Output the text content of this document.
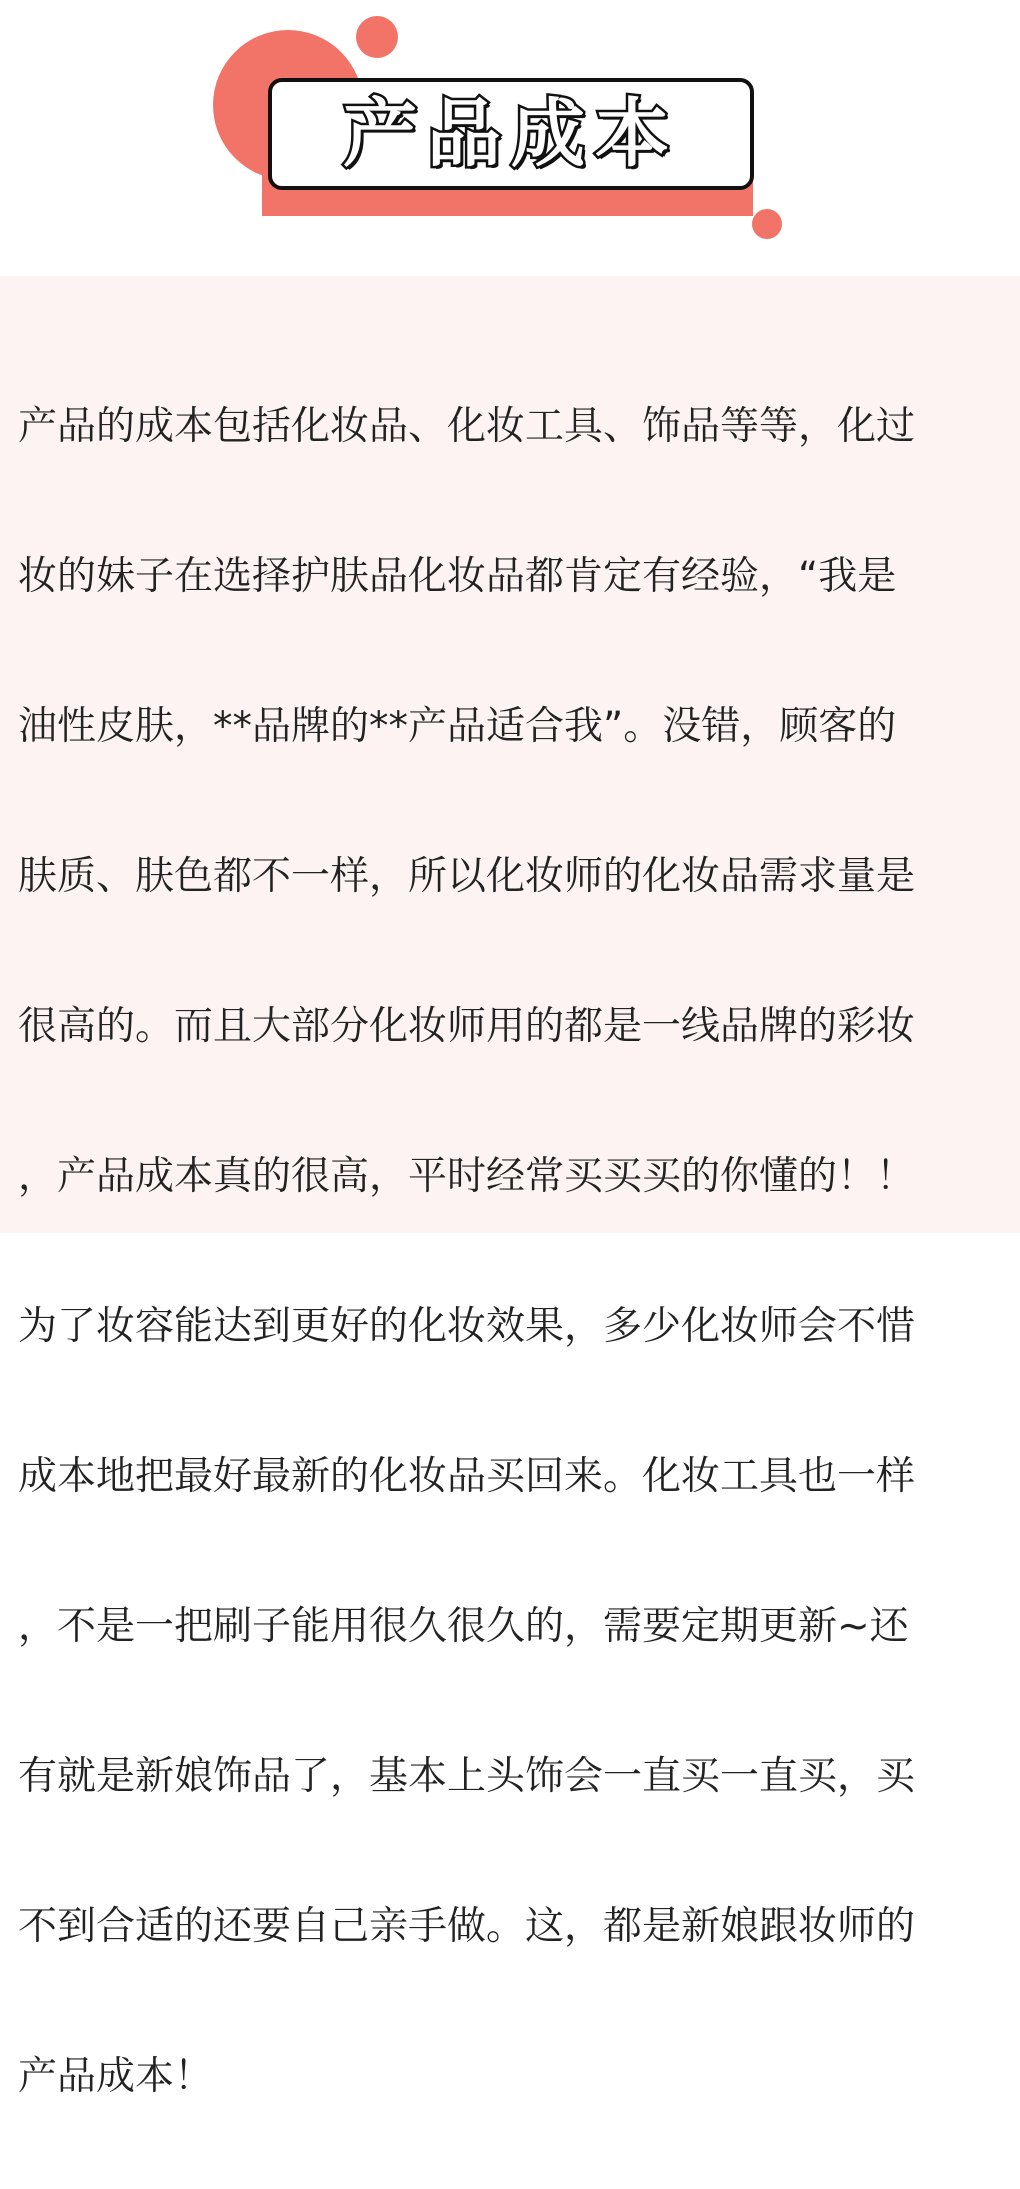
产品成本

产品的成本包括化妆品、化妆工具、饰品等等，化过

妆的妹子在选择护肤品化妆品都肯定有经验，“我是

油性皮肤，**品牌的**产品适合我”。没错，顾客的

肤质、肤色都不一样，所以化妆师的化妆品需求量是

很高的。而且大部分化妆师用的都是一线品牌的彩妆

，产品成本真的很高，平时经常买买买的你懂的！！

为了妆容能达到更好的化妆效果，多少化妆师会不惜

成本地把最好最新的化妆品买回来。化妆工具也一样

，不是一把刷子能用很久很久的，需要定期更新~还

有就是新娘饰品了，基本上头饰会一直买一直买，买

不到合适的还要自己亲手做。这，都是新娘跟妆师的

产品成本！
